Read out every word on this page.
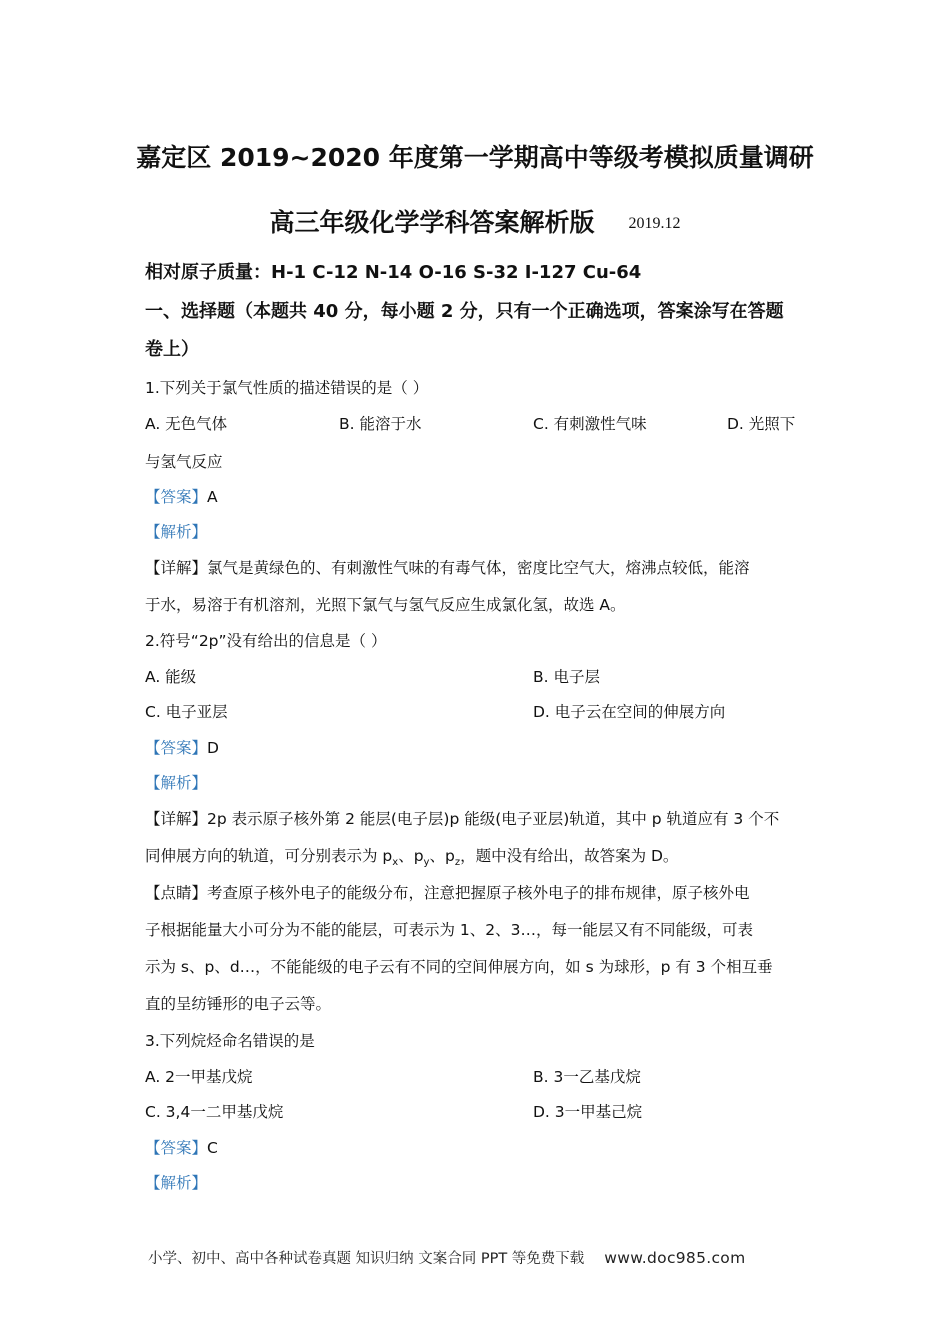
嘉定区 2019~2020 年度第一学期高中等级考模拟质量调研
高三年级化学学科答案解析版 2019.12
相对原子质量：H-1 C-12 N-14 O-16 S-32 I-127 Cu-64
一、选择题（本题共 40 分，每小题 2 分，只有一个正确选项，答案涂写在答题
卷上）
1.下列关于氯气性质的描述错误的是（ ）
A. 无色气体	B. 能溶于水	C. 有刺激性气味	D. 光照下
与氢气反应
【答案】A
【解析】
【详解】氯气是黄绿色的、有刺激性气味的有毒气体，密度比空气大，熔沸点较低，能溶
于水，易溶于有机溶剂，光照下氯气与氢气反应生成氯化氢，故选 A。
2.符号“2p”没有给出的信息是（ ）
A. 能级	B. 电子层
C. 电子亚层	D. 电子云在空间的伸展方向
【答案】D
【解析】
【详解】2p 表示原子核外第 2 能层(电子层)p 能级(电子亚层)轨道，其中 p 轨道应有 3 个不
同伸展方向的轨道，可分别表示为 $p_x$、$p_y$、$p_z$，题中没有给出，故答案为 D。
【点睛】考查原子核外电子的能级分布，注意把握原子核外电子的排布规律，原子核外电
子根据能量大小可分为不能的能层，可表示为 1、2、3…，每一能层又有不同能级，可表
示为 s、p、d…，不能能级的电子云有不同的空间伸展方向，如 s 为球形，p 有 3 个相互垂
直的呈纺锤形的电子云等。
3.下列烷烃命名错误的是
A. 2一甲基戊烷	B. 3一乙基戊烷
C. 3,4一二甲基戊烷	D. 3一甲基己烷
【答案】C
【解析】
小学、初中、高中各种试卷真题 知识归纳 文案合同 PPT 等免费下载 www.doc985.com
